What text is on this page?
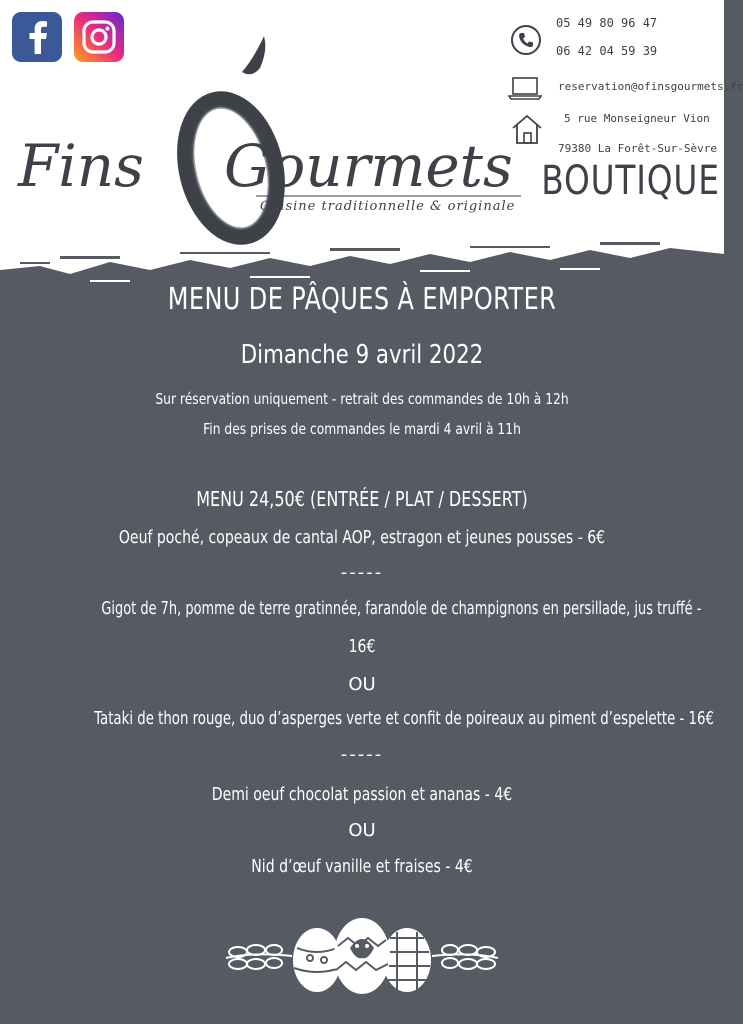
Fins Gourmets
Cuisine traditionnelle & originale
05 49 80 96 47
06 42 04 59 39
reservation@ofinsgourmets.fr
5 rue Monseigneur Vion
79380 La Forêt-Sur-Sèvre
BOUTIQUE
MENU DE PÂQUES À EMPORTER
Dimanche 9 avril 2022
Sur réservation uniquement - retrait des commandes de 10h à 12h
Fin des prises de commandes le mardi 4 avril à 11h
MENU 24,50€ (ENTRÉE / PLAT / DESSERT)
Oeuf poché, copeaux de cantal AOP, estragon et jeunes pousses - 6€
-----
Gigot de 7h, pomme de terre gratinnée, farandole de champignons en persillade, jus truffé -
16€
OU
Tataki de thon rouge, duo d’asperges verte et confit de poireaux au piment d’espelette - 16€
-----
Demi oeuf chocolat passion et ananas - 4€
OU
Nid d’œuf vanille et fraises - 4€
